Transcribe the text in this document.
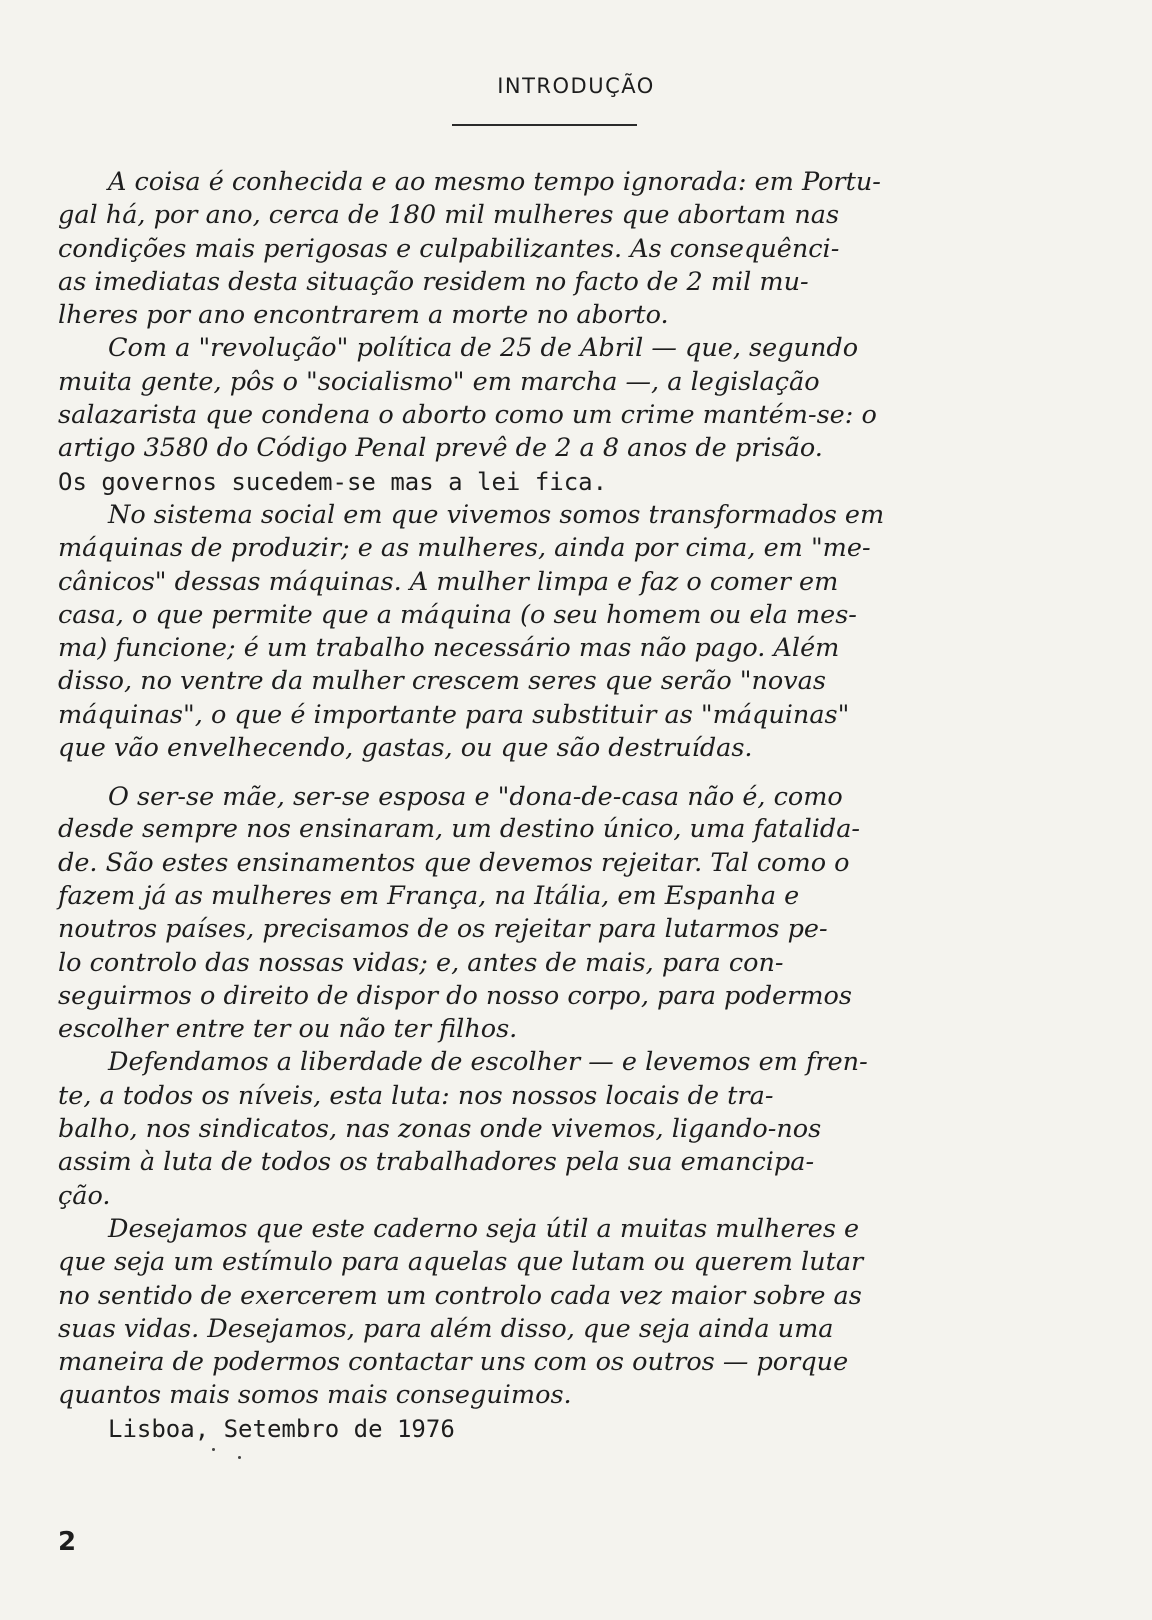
INTRODUÇÃO
A coisa é conhecida e ao mesmo tempo ignorada: em Portu-
gal há, por ano, cerca de 180 mil mulheres que abortam nas
condições mais perigosas e culpabilizantes. As consequênci-
as imediatas desta situação residem no facto de 2 mil mu-
lheres por ano encontrarem a morte no aborto.
Com a "revolução" política de 25 de Abril — que, segundo
muita gente, pôs o "socialismo" em marcha —, a legislação
salazarista que condena o aborto como um crime mantém-se: o
artigo 3580 do Código Penal prevê de 2 a 8 anos de prisão.
Os governos sucedem-se mas a lei fica.
No sistema social em que vivemos somos transformados em
máquinas de produzir; e as mulheres, ainda por cima, em "me-
cânicos" dessas máquinas. A mulher limpa e faz o comer em
casa, o que permite que a máquina (o seu homem ou ela mes-
ma) funcione; é um trabalho necessário mas não pago. Além
disso, no ventre da mulher crescem seres que serão "novas
máquinas", o que é importante para substituir as "máquinas"
que vão envelhecendo, gastas, ou que são destruídas.
O ser-se mãe, ser-se esposa e "dona-de-casa não é, como
desde sempre nos ensinaram, um destino único, uma fatalida-
de. São estes ensinamentos que devemos rejeitar. Tal como o
fazem já as mulheres em França, na Itália, em Espanha e
noutros países, precisamos de os rejeitar para lutarmos pe-
lo controlo das nossas vidas; e, antes de mais, para con-
seguirmos o direito de dispor do nosso corpo, para podermos
escolher entre ter ou não ter filhos.
Defendamos a liberdade de escolher — e levemos em fren-
te, a todos os níveis, esta luta: nos nossos locais de tra-
balho, nos sindicatos, nas zonas onde vivemos, ligando-nos
assim à luta de todos os trabalhadores pela sua emancipa-
ção.
Desejamos que este caderno seja útil a muitas mulheres e
que seja um estímulo para aquelas que lutam ou querem lutar
no sentido de exercerem um controlo cada vez maior sobre as
suas vidas. Desejamos, para além disso, que seja ainda uma
maneira de podermos contactar uns com os outros — porque
quantos mais somos mais conseguimos.
Lisboa, Setembro de 1976
2
